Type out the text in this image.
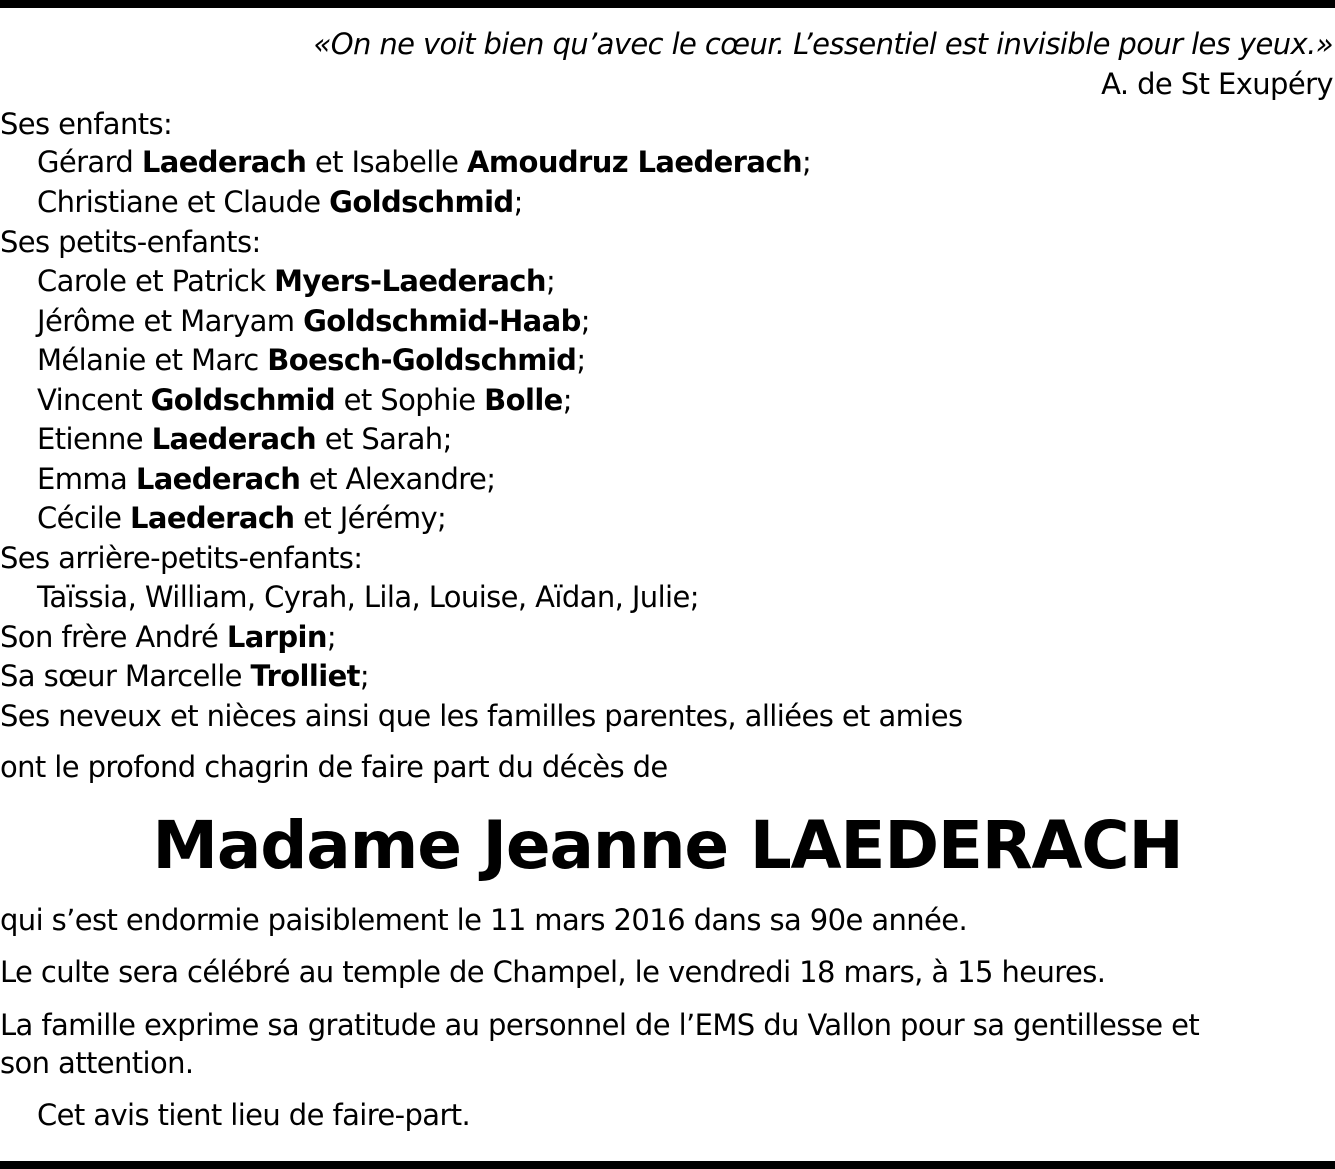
«On ne voit bien qu’avec le cœur. L’essentiel est invisible pour les yeux.»
A. de St Exupéry
Ses enfants:
Gérard Laederach et Isabelle Amoudruz Laederach;
Christiane et Claude Goldschmid;
Ses petits-enfants:
Carole et Patrick Myers-Laederach;
Jérôme et Maryam Goldschmid-Haab;
Mélanie et Marc Boesch-Goldschmid;
Vincent Goldschmid et Sophie Bolle;
Etienne Laederach et Sarah;
Emma Laederach et Alexandre;
Cécile Laederach et Jérémy;
Ses arrière-petits-enfants:
Taïssia, William, Cyrah, Lila, Louise, Aïdan, Julie;
Son frère André Larpin;
Sa sœur Marcelle Trolliet;
Ses neveux et nièces ainsi que les familles parentes, alliées et amies
ont le profond chagrin de faire part du décès de
Madame Jeanne LAEDERACH
qui s’est endormie paisiblement le 11 mars 2016 dans sa 90e année.
Le culte sera célébré au temple de Champel, le vendredi 18 mars, à 15 heures.
La famille exprime sa gratitude au personnel de l’EMS du Vallon pour sa gentillesse et
son attention.
Cet avis tient lieu de faire-part.
